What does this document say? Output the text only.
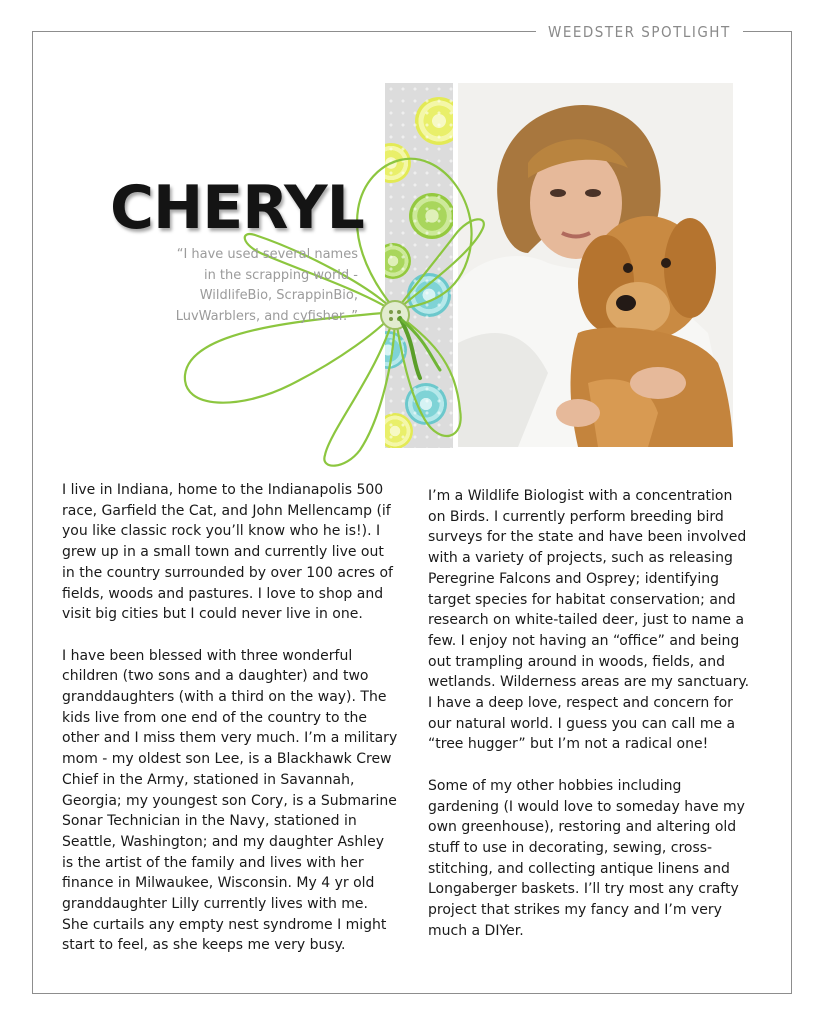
WEEDSTER SPOTLIGHT
CHERYL
“I have used several names
in the scrapping world -
WildlifeBio, ScrappinBio,
LuvWarblers, and cyfisher. ”

I live in Indiana, home to the Indianapolis 500
race, Garfield the Cat, and John Mellencamp (if
you like classic rock you’ll know who he is!). I
grew up in a small town and currently live out
in the country surrounded by over 100 acres of
fields, woods and pastures. I love to shop and
visit big cities but I could never live in one.

I have been blessed with three wonderful
children (two sons and a daughter) and two
granddaughters (with a third on the way). The
kids live from one end of the country to the
other and I miss them very much. I’m a military
mom - my oldest son Lee, is a Blackhawk Crew
Chief in the Army, stationed in Savannah,
Georgia; my youngest son Cory, is a Submarine
Sonar Technician in the Navy, stationed in
Seattle, Washington; and my daughter Ashley
is the artist of the family and lives with her
finance in Milwaukee, Wisconsin. My 4 yr old
granddaughter Lilly currently lives with me.
She curtails any empty nest syndrome I might
start to feel, as she keeps me very busy.

I’m a Wildlife Biologist with a concentration
on Birds. I currently perform breeding bird
surveys for the state and have been involved
with a variety of projects, such as releasing
Peregrine Falcons and Osprey; identifying
target species for habitat conservation; and
research on white-tailed deer, just to name a
few. I enjoy not having an “office” and being
out trampling around in woods, fields, and
wetlands. Wilderness areas are my sanctuary.
I have a deep love, respect and concern for
our natural world. I guess you can call me a
“tree hugger” but I’m not a radical one!

Some of my other hobbies including
gardening (I would love to someday have my
own greenhouse), restoring and altering old
stuff to use in decorating, sewing, cross-
stitching, and collecting antique linens and
Longaberger baskets. I’ll try most any crafty
project that strikes my fancy and I’m very
much a DIYer.
